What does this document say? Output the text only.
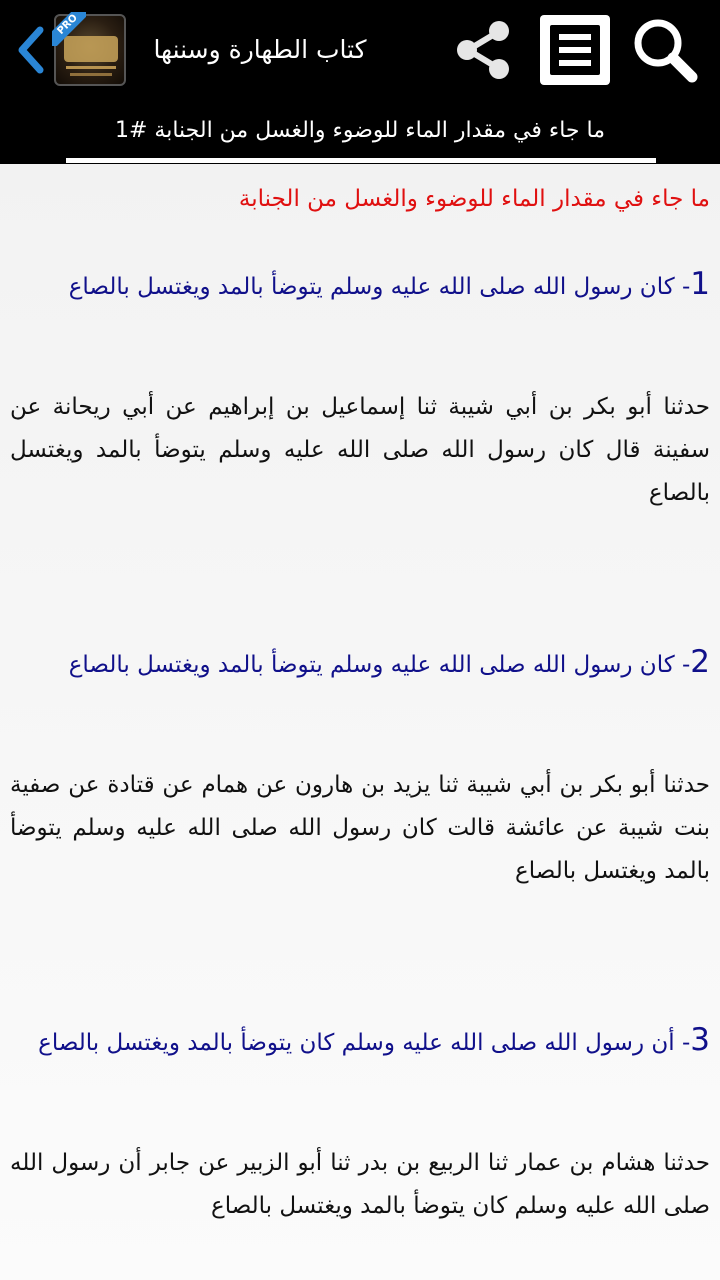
PRO
كتاب الطهارة وسننها
ما جاء في مقدار الماء للوضوء والغسل من الجنابة #1
ما جاء في مقدار الماء للوضوء والغسل من الجنابة
1- كان رسول الله صلى الله عليه وسلم يتوضأ بالمد ويغتسل بالصاع
حدثنا أبو بكر بن أبي شيبة ثنا إسماعيل بن إبراهيم عن أبي ريحانة عن سفينة قال كان رسول الله صلى الله عليه وسلم يتوضأ بالمد ويغتسل بالصاع
2- كان رسول الله صلى الله عليه وسلم يتوضأ بالمد ويغتسل بالصاع
حدثنا أبو بكر بن أبي شيبة ثنا يزيد بن هارون عن همام عن قتادة عن صفية بنت شيبة عن عائشة قالت كان رسول الله صلى الله عليه وسلم يتوضأ بالمد ويغتسل بالصاع
3- أن رسول الله صلى الله عليه وسلم كان يتوضأ بالمد ويغتسل بالصاع
حدثنا هشام بن عمار ثنا الربيع بن بدر ثنا أبو الزبير عن جابر أن رسول الله صلى الله عليه وسلم كان يتوضأ بالمد ويغتسل بالصاع
